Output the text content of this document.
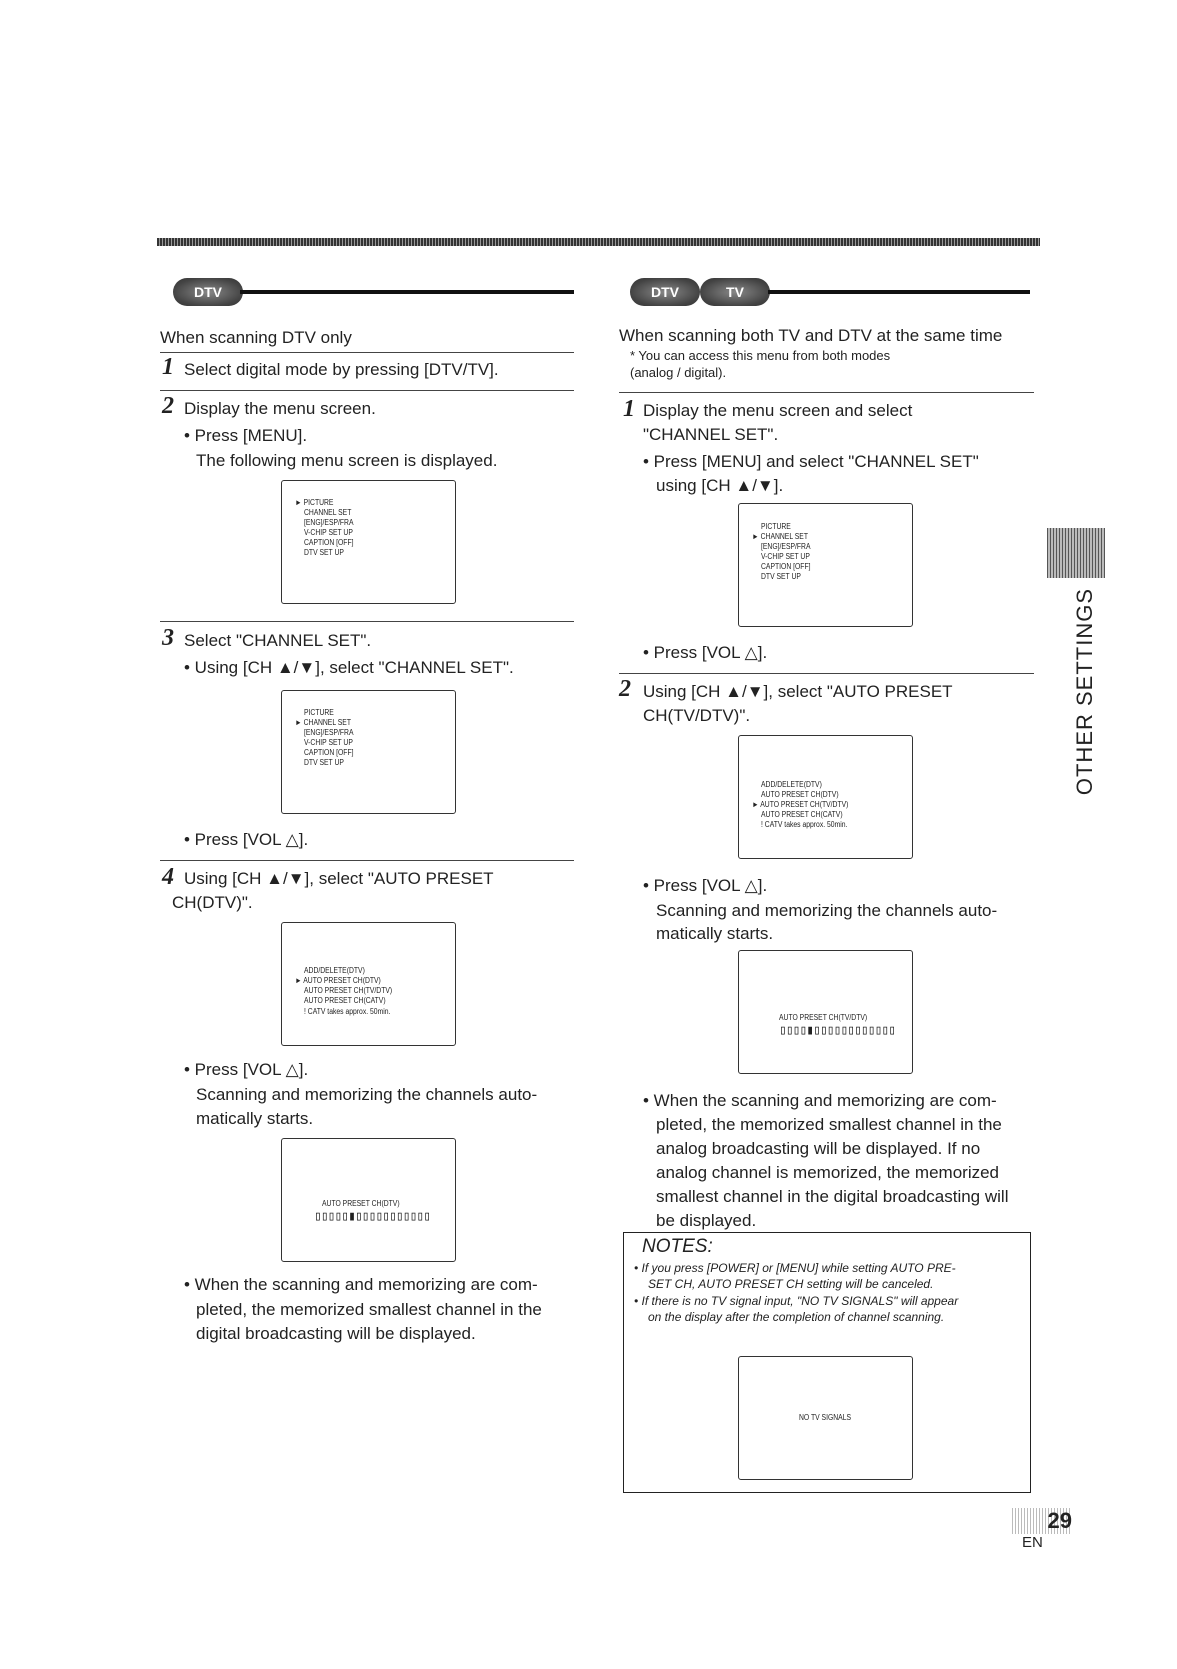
DTV
When scanning DTV only
1 Select digital mode by pressing [DTV/TV].
2 Display the menu screen.
• Press [MENU].
The following menu screen is displayed.
► PICTURE
CHANNEL SET
[ENG]/ESP/FRA
V-CHIP SET UP
CAPTION [OFF]
DTV SET UP
3 Select "CHANNEL SET".
• Using [CH ▲/▼], select "CHANNEL SET".
PICTURE
► CHANNEL SET
[ENG]/ESP/FRA
V-CHIP SET UP
CAPTION [OFF]
DTV SET UP
• Press [VOL △].
4 Using [CH ▲/▼], select "AUTO PRESET
CH(DTV)".
ADD/DELETE(DTV)
► AUTO PRESET CH(DTV)
AUTO PRESET CH(TV/DTV)
AUTO PRESET CH(CATV)
! CATV takes approx. 50min.
• Press [VOL △].
Scanning and memorizing the channels auto-
matically starts.
AUTO PRESET CH(DTV)
▯▯▯▯▯▮▯▯▯▯▯▯▯▯▯▯▯
• When the scanning and memorizing are com-
pleted, the memorized smallest channel in the
digital broadcasting will be displayed.
DTV	TV
When scanning both TV and DTV at the same time
* You can access this menu from both modes
(analog / digital).
1 Display the menu screen and select
"CHANNEL SET".
• Press [MENU] and select "CHANNEL SET"
using [CH ▲/▼].
PICTURE
► CHANNEL SET
[ENG]/ESP/FRA
V-CHIP SET UP
CAPTION [OFF]
DTV SET UP
• Press [VOL △].
2 Using [CH ▲/▼], select "AUTO PRESET
CH(TV/DTV)".
ADD/DELETE(DTV)
AUTO PRESET CH(DTV)
► AUTO PRESET CH(TV/DTV)
AUTO PRESET CH(CATV)
! CATV takes approx. 50min.
• Press [VOL △].
Scanning and memorizing the channels auto-
matically starts.
AUTO PRESET CH(TV/DTV)
▯▯▯▯▮▯▯▯▯▯▯▯▯▯▯▯▯
• When the scanning and memorizing are com-
pleted, the memorized smallest channel in the
analog broadcasting will be displayed. If no
analog channel is memorized, the memorized
smallest channel in the digital broadcasting will
be displayed.
NOTES:
• If you press [POWER] or [MENU] while setting AUTO PRE-
SET CH, AUTO PRESET CH setting will be canceled.
• If there is no TV signal input, "NO TV SIGNALS" will appear
on the display after the completion of channel scanning.
NO TV SIGNALS
OTHER SETTINGS
29
EN
